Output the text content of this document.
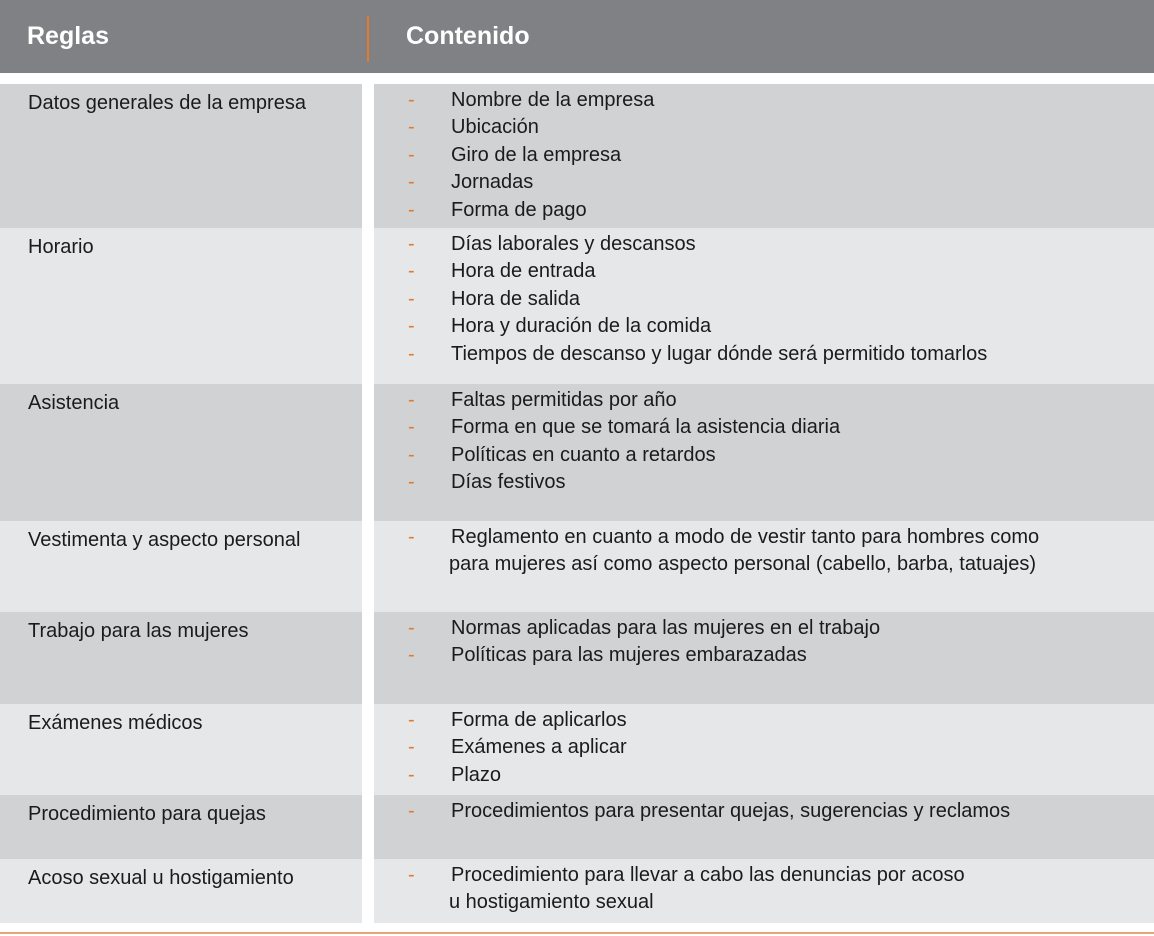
Reglas	Contenido
Datos generales de la empresa	- Nombre de la empresa
- Ubicación
- Giro de la empresa
- Jornadas
- Forma de pago
Horario	- Días laborales y descansos
- Hora de entrada
- Hora de salida
- Hora y duración de la comida
- Tiempos de descanso y lugar dónde será permitido tomarlos
Asistencia	- Faltas permitidas por año
- Forma en que se tomará la asistencia diaria
- Políticas en cuanto a retardos
- Días festivos
Vestimenta y aspecto personal	- Reglamento en cuanto a modo de vestir tanto para hombres como
para mujeres así como aspecto personal (cabello, barba, tatuajes)
Trabajo para las mujeres	- Normas aplicadas para las mujeres en el trabajo
- Políticas para las mujeres embarazadas
Exámenes médicos	- Forma de aplicarlos
- Exámenes a aplicar
- Plazo
Procedimiento para quejas	- Procedimientos para presentar quejas, sugerencias y reclamos
Acoso sexual u hostigamiento	- Procedimiento para llevar a cabo las denuncias por acoso
u hostigamiento sexual
